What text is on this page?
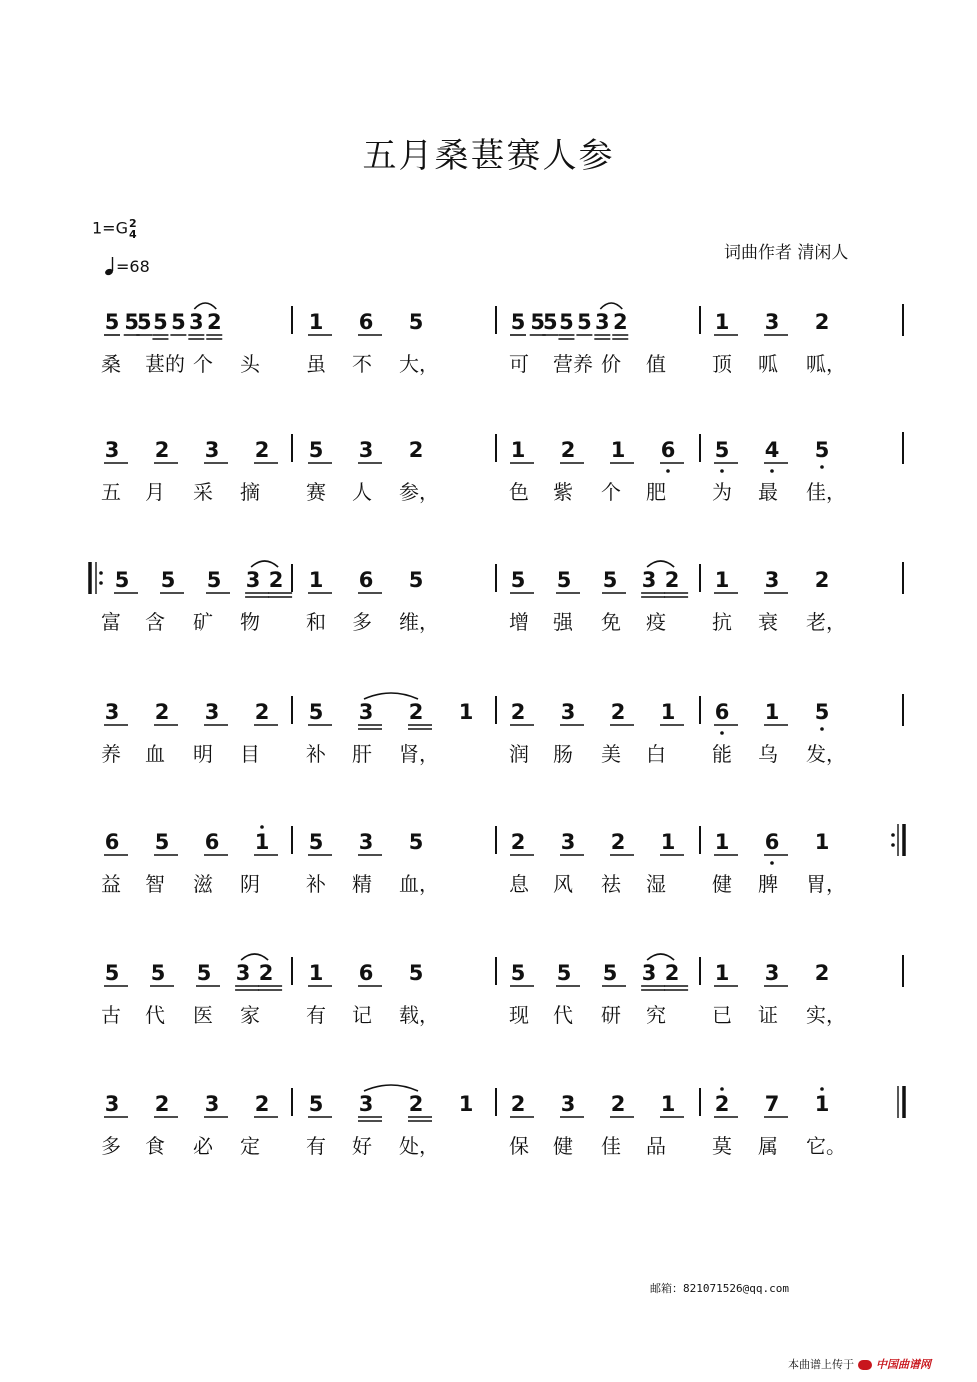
五月桑葚赛人参
1=G2
4
=68
词曲作者 清闲人
5 5
5 5 5 3 2	1 6 5	5 5
5 5 5 3 2	1 3 2
桑 葚的 个 头 虽 不 大，	可 营养 价 值 顶 呱 呱，
3 2 3 2 5 3 2	1 2 1 6 5 4 5
五 月 采 摘 赛 人 参，	色 紫 个 肥 为 最 佳，
5 5 5 3 2 1 6 5	5 5 5 3 2 1 3 2
富 含 矿 物 和 多 维，	增 强 免 疫 抗 衰 老，
3 2 3 2 5 3 2 1 2 3 2 1 6 1 5
养 血 明 目 补 肝 肾，	润 肠 美 白 能 乌 发，
6 5 6 1 5 3 5	2 3 2 1 1 6 1
益 智 滋 阴 补 精 血，	息 风 祛 湿 健 脾 胃，
5 5 5 3 2 1 6 5	5 5 5 3 2 1 3 2
古 代 医 家 有 记 载，	现 代 研 究 已 证 实，
3 2 3 2 5 3 2 1 2 3 2 1 2 7 1
多 食 必 定 有 好 处，	保 健 佳 品 莫 属 它。
邮箱：821071526@qq.com
本曲谱上传于 中国曲谱网
